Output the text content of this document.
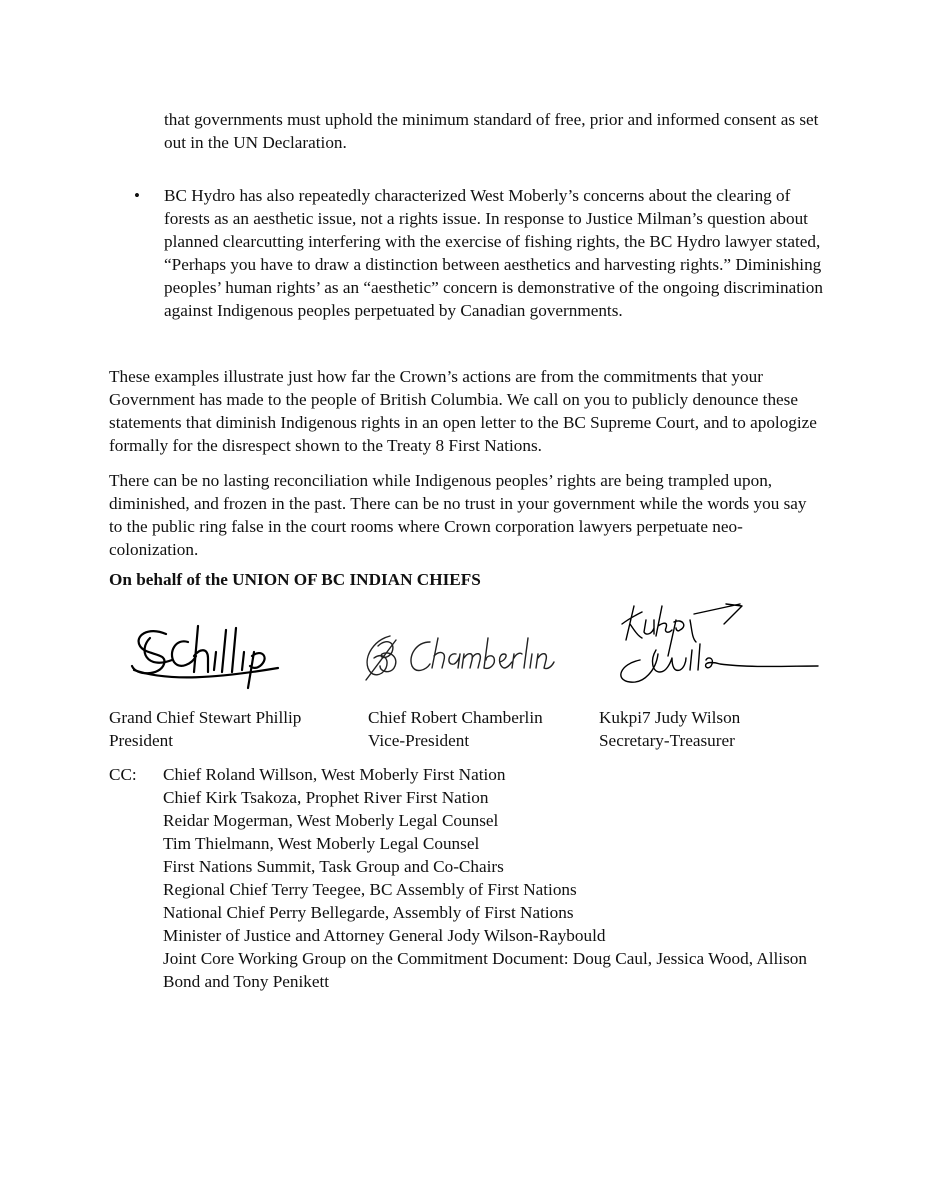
that governments must uphold the minimum standard of free, prior and informed consent as set out in the UN Declaration.

• BC Hydro has also repeatedly characterized West Moberly’s concerns about the clearing of forests as an aesthetic issue, not a rights issue. In response to Justice Milman’s question about planned clearcutting interfering with the exercise of fishing rights, the BC Hydro lawyer stated, “Perhaps you have to draw a distinction between aesthetics and harvesting rights.” Diminishing peoples’ human rights’ as an “aesthetic” concern is demonstrative of the ongoing discrimination against Indigenous peoples perpetuated by Canadian governments.

These examples illustrate just how far the Crown’s actions are from the commitments that your Government has made to the people of British Columbia. We call on you to publicly denounce these statements that diminish Indigenous rights in an open letter to the BC Supreme Court, and to apologize formally for the disrespect shown to the Treaty 8 First Nations.

There can be no lasting reconciliation while Indigenous peoples’ rights are being trampled upon, diminished, and frozen in the past. There can be no trust in your government while the words you say to the public ring false in the court rooms where Crown corporation lawyers perpetuate neo-colonization.

On behalf of the UNION OF BC INDIAN CHIEFS

Grand Chief Stewart Phillip

President

Chief Robert Chamberlin

Vice-President

Kukpi7 Judy Wilson

Secretary-Treasurer

CC: Chief Roland Willson, West Moberly First Nation

Chief Kirk Tsakoza, Prophet River First Nation

Reidar Mogerman, West Moberly Legal Counsel

Tim Thielmann, West Moberly Legal Counsel

First Nations Summit, Task Group and Co-Chairs

Regional Chief Terry Teegee, BC Assembly of First Nations

National Chief Perry Bellegarde, Assembly of First Nations

Minister of Justice and Attorney General Jody Wilson-Raybould

Joint Core Working Group on the Commitment Document: Doug Caul, Jessica Wood, Allison Bond and Tony Penikett
